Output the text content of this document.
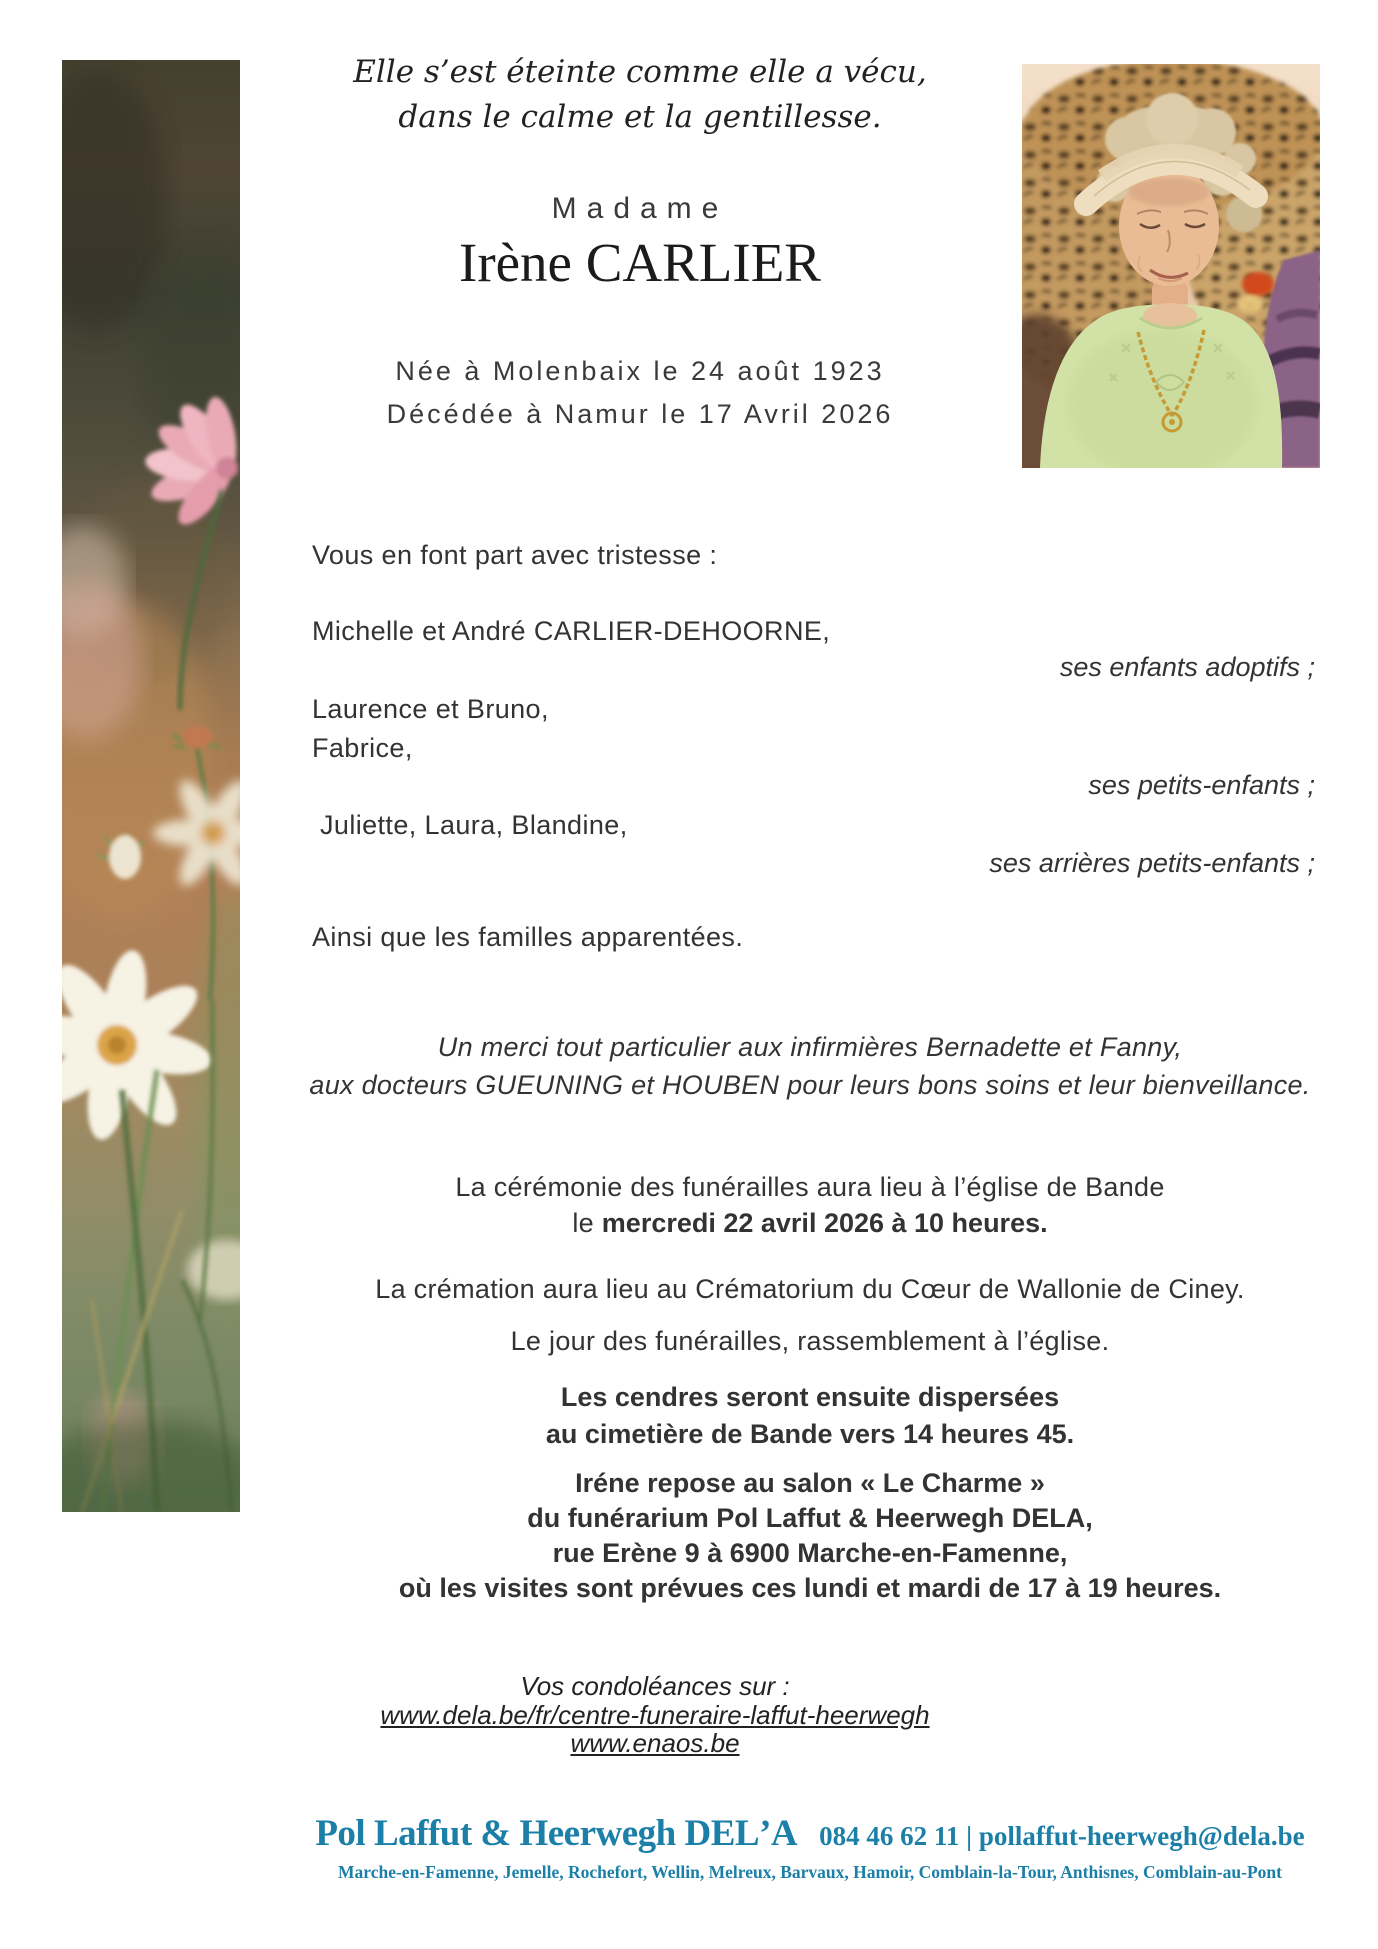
Elle s’est éteinte comme elle a vécu,
dans le calme et la gentillesse.
Madame
Irène CARLIER
Née à Molenbaix le 24 août 1923
Décédée à Namur le 17 Avril 2026
Vous en font part avec tristesse :
Michelle et André CARLIER-DEHOORNE,
ses enfants adoptifs ;
Laurence et Bruno,
Fabrice,
ses petits-enfants ;
Juliette, Laura, Blandine,
ses arrières petits-enfants ;
Ainsi que les familles apparentées.
Un merci tout particulier aux infirmières Bernadette et Fanny,
aux docteurs GUEUNING et HOUBEN pour leurs bons soins et leur bienveillance.
La cérémonie des funérailles aura lieu à l’église de Bande
le mercredi 22 avril 2026 à 10 heures.
La crémation aura lieu au Crématorium du Cœur de Wallonie de Ciney.
Le jour des funérailles, rassemblement à l’église.
Les cendres seront ensuite dispersées
au cimetière de Bande vers 14 heures 45.
Iréne repose au salon « Le Charme »
du funérarium Pol Laffut & Heerwegh DELA,
rue Erène 9 à 6900 Marche-en-Famenne,
où les visites sont prévues ces lundi et mardi de 17 à 19 heures.
Vos condoléances sur :
www.dela.be/fr/centre-funeraire-laffut-heerwegh
www.enaos.be
Pol Laffut & Heerwegh DELʼA 084 46 62 11 | pollaffut-heerwegh@dela.be
Marche-en-Famenne, Jemelle, Rochefort, Wellin, Melreux, Barvaux, Hamoir, Comblain-la-Tour, Anthisnes, Comblain-au-Pont
